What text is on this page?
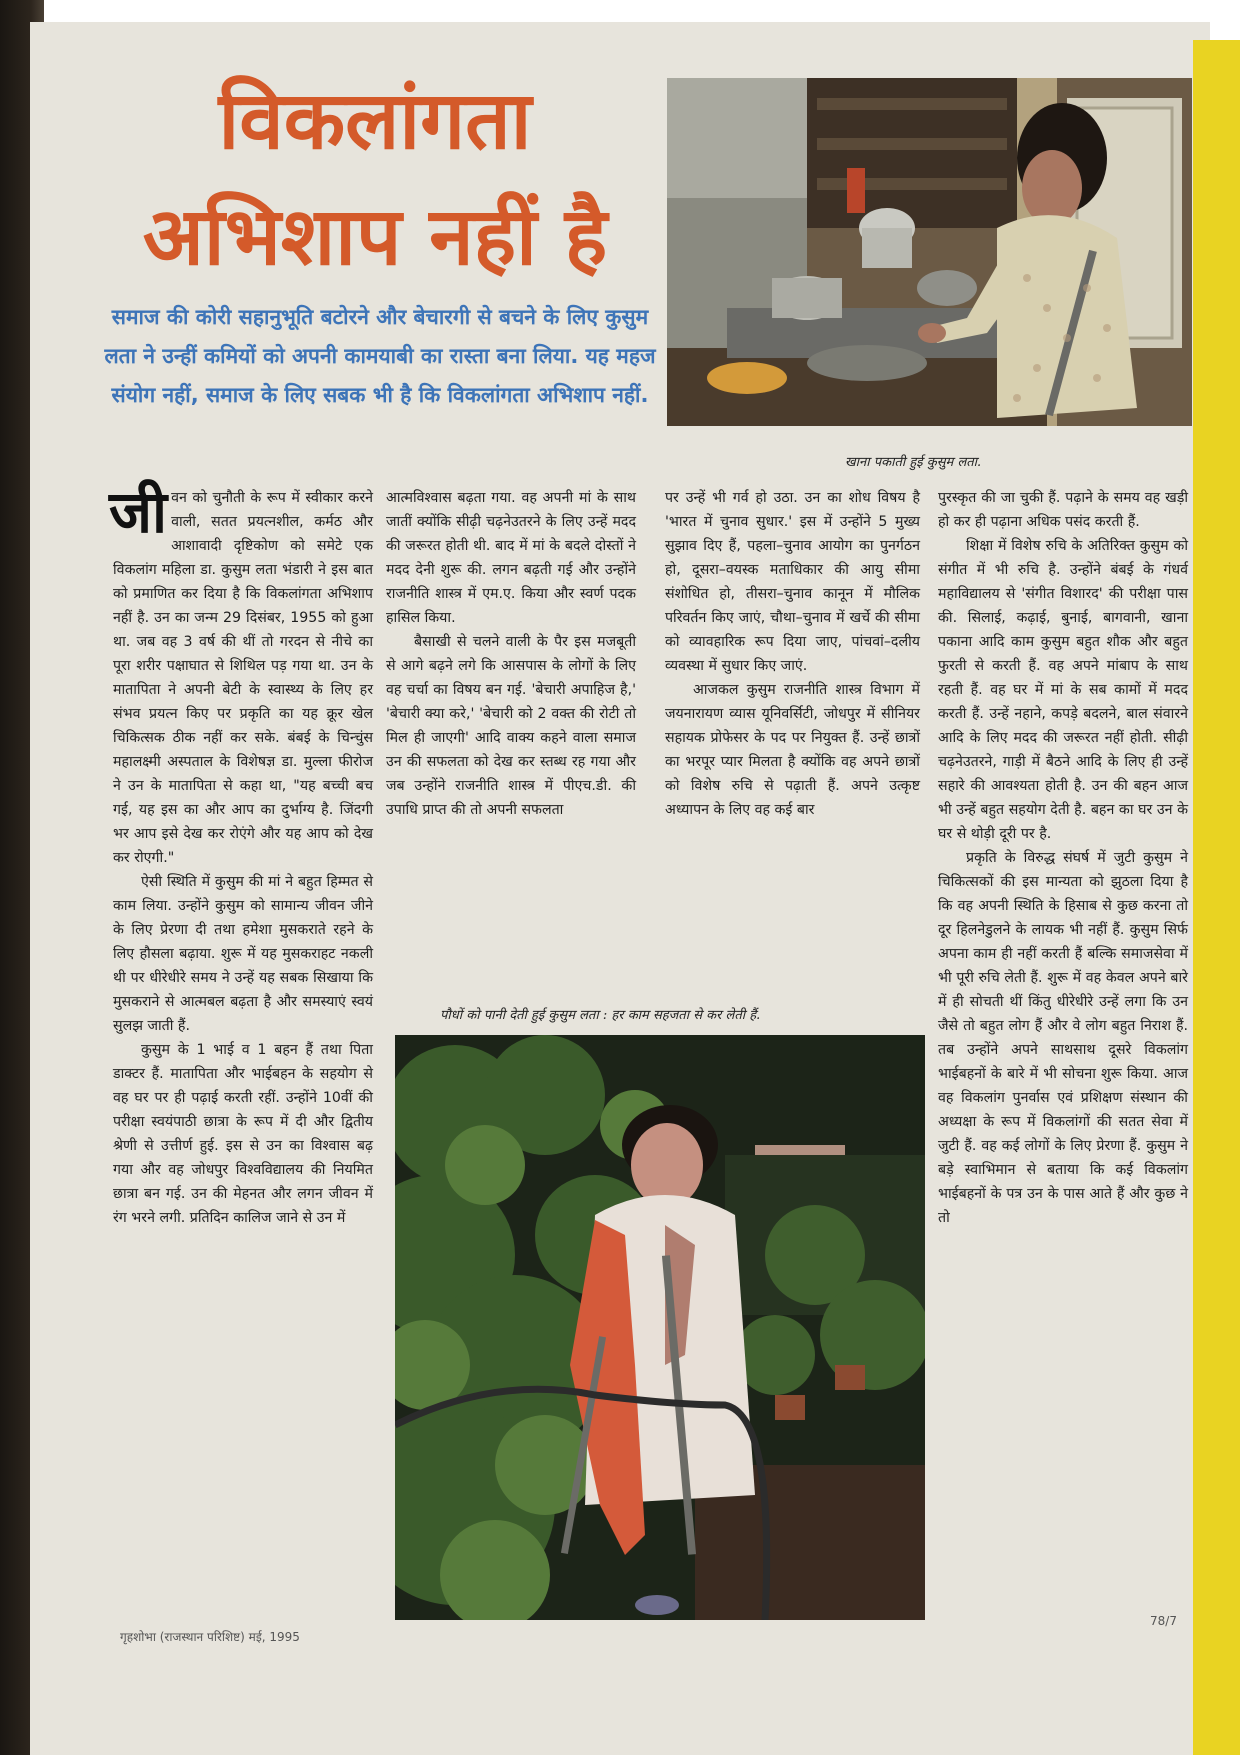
विकलांगता
अभिशाप नहीं है

समाज की कोरी सहानुभूति बटोरने और बेचारगी से बचने के लिए कुसुम लता ने उन्हीं कमियों को अपनी कामयाबी का रास्ता बना लिया. यह महज संयोग नहीं, समाज के लिए सबक भी है कि विकलांगता अभिशाप नहीं.

खाना पकाती हुई कुसुम लता.

जीवन को चुनौती के रूप में स्वीकार करने वाली, सतत प्रयत्नशील, कर्मठ और आशावादी दृष्टिकोण को समेटे एक विकलांग महिला डा. कुसुम लता भंडारी ने इस बात को प्रमाणित कर दिया है कि विकलांगता अभिशाप नहीं है. उन का जन्म 29 दिसंबर, 1955 को हुआ था. जब वह 3 वर्ष की थीं तो गरदन से नीचे का पूरा शरीर पक्षाघात से शिथिल पड़ गया था. उन के मातापिता ने अपनी बेटी के स्वास्थ्य के लिए हर संभव प्रयत्न किए पर प्रकृति का यह क्रूर खेल चिकित्सक ठीक नहीं कर सके. बंबई के चिन्चुंस महालक्ष्मी अस्पताल के विशेषज्ञ डा. मुल्ला फीरोज ने उन के मातापिता से कहा था, "यह बच्ची बच गई, यह इस का और आप का दुर्भाग्य है. जिंदगी भर आप इसे देख कर रोएंगे और यह आप को देख कर रोएगी."

ऐसी स्थिति में कुसुम की मां ने बहुत हिम्मत से काम लिया. उन्होंने कुसुम को सामान्य जीवन जीने के लिए प्रेरणा दी तथा हमेशा मुसकराते रहने के लिए हौसला बढ़ाया. शुरू में यह मुसकराहट नकली थी पर धीरेधीरे समय ने उन्हें यह सबक सिखाया कि मुसकराने से आत्मबल बढ़ता है और समस्याएं स्वयं सुलझ जाती हैं.

कुसुम के 1 भाई व 1 बहन हैं तथा पिता डाक्टर हैं. मातापिता और भाईबहन के सहयोग से वह घर पर ही पढ़ाई करती रहीं. उन्होंने 10वीं की परीक्षा स्वयंपाठी छात्रा के रूप में दी और द्वितीय श्रेणी से उत्तीर्ण हुई. इस से उन का विश्वास बढ़ गया और वह जोधपुर विश्वविद्यालय की नियमित छात्रा बन गई. उन की मेहनत और लगन जीवन में रंग भरने लगी. प्रतिदिन कालिज जाने से उन में

आत्मविश्वास बढ़ता गया. वह अपनी मां के साथ जातीं क्योंकि सीढ़ी चढ़नेउतरने के लिए उन्हें मदद की जरूरत होती थी. बाद में मां के बदले दोस्तों ने मदद देनी शुरू की. लगन बढ़ती गई और उन्होंने राजनीति शास्त्र में एम.ए. किया और स्वर्ण पदक हासिल किया.

बैसाखी से चलने वाली के पैर इस मजबूती से आगे बढ़ने लगे कि आसपास के लोगों के लिए वह चर्चा का विषय बन गई. 'बेचारी अपाहिज है,' 'बेचारी क्या करे,' 'बेचारी को 2 वक्त की रोटी तो मिल ही जाएगी' आदि वाक्य कहने वाला समाज उन की सफलता को देख कर स्तब्ध रह गया और जब उन्होंने राजनीति शास्त्र में पीएच.डी. की उपाधि प्राप्त की तो अपनी सफलता

पर उन्हें भी गर्व हो उठा. उन का शोध विषय है 'भारत में चुनाव सुधार.' इस में उन्होंने 5 मुख्य सुझाव दिए हैं, पहला–चुनाव आयोग का पुनर्गठन हो, दूसरा–वयस्क मताधिकार की आयु सीमा संशोधित हो, तीसरा–चुनाव कानून में मौलिक परिवर्तन किए जाएं, चौथा–चुनाव में खर्चे की सीमा को व्यावहारिक रूप दिया जाए, पांचवां–दलीय व्यवस्था में सुधार किए जाएं.

आजकल कुसुम राजनीति शास्त्र विभाग में जयनारायण व्यास यूनिवर्सिटी, जोधपुर में सीनियर सहायक प्रोफेसर के पद पर नियुक्त हैं. उन्हें छात्रों का भरपूर प्यार मिलता है क्योंकि वह अपने छात्रों को विशेष रुचि से पढ़ाती हैं. अपने उत्कृष्ट अध्यापन के लिए वह कई बार

पुरस्कृत की जा चुकी हैं. पढ़ाने के समय वह खड़ी हो कर ही पढ़ाना अधिक पसंद करती हैं.

शिक्षा में विशेष रुचि के अतिरिक्त कुसुम को संगीत में भी रुचि है. उन्होंने बंबई के गंधर्व महाविद्यालय से 'संगीत विशारद' की परीक्षा पास की. सिलाई, कढ़ाई, बुनाई, बागवानी, खाना पकाना आदि काम कुसुम बहुत शौक और बहुत फुरती से करती हैं. वह अपने मांबाप के साथ रहती हैं. वह घर में मां के सब कामों में मदद करती हैं. उन्हें नहाने, कपड़े बदलने, बाल संवारने आदि के लिए मदद की जरूरत नहीं होती. सीढ़ी चढ़नेउतरने, गाड़ी में बैठने आदि के लिए ही उन्हें सहारे की आवश्यता होती है. उन की बहन आज भी उन्हें बहुत सहयोग देती है. बहन का घर उन के घर से थोड़ी दूरी पर है.

प्रकृति के विरुद्ध संघर्ष में जुटी कुसुम ने चिकित्सकों की इस मान्यता को झुठला दिया है कि वह अपनी स्थिति के हिसाब से कुछ करना तो दूर हिलनेडुलने के लायक भी नहीं हैं. कुसुम सिर्फ अपना काम ही नहीं करती हैं बल्कि समाजसेवा में भी पूरी रुचि लेती हैं. शुरू में वह केवल अपने बारे में ही सोचती थीं किंतु धीरेधीरे उन्हें लगा कि उन जैसे तो बहुत लोग हैं और वे लोग बहुत निराश हैं. तब उन्होंने अपने साथसाथ दूसरे विकलांग भाईबहनों के बारे में भी सोचना शुरू किया. आज वह विकलांग पुनर्वास एवं प्रशिक्षण संस्थान की अध्यक्षा के रूप में विकलांगों की सतत सेवा में जुटी हैं. वह कई लोगों के लिए प्रेरणा हैं. कुसुम ने बड़े स्वाभिमान से बताया कि कई विकलांग भाईबहनों के पत्र उन के पास आते हैं और कुछ ने तो

पौधों को पानी देती हुई कुसुम लता : हर काम सहजता से कर लेती हैं.

गृहशोभा (राजस्थान परिशिष्ट) मई, 1995

78/7
